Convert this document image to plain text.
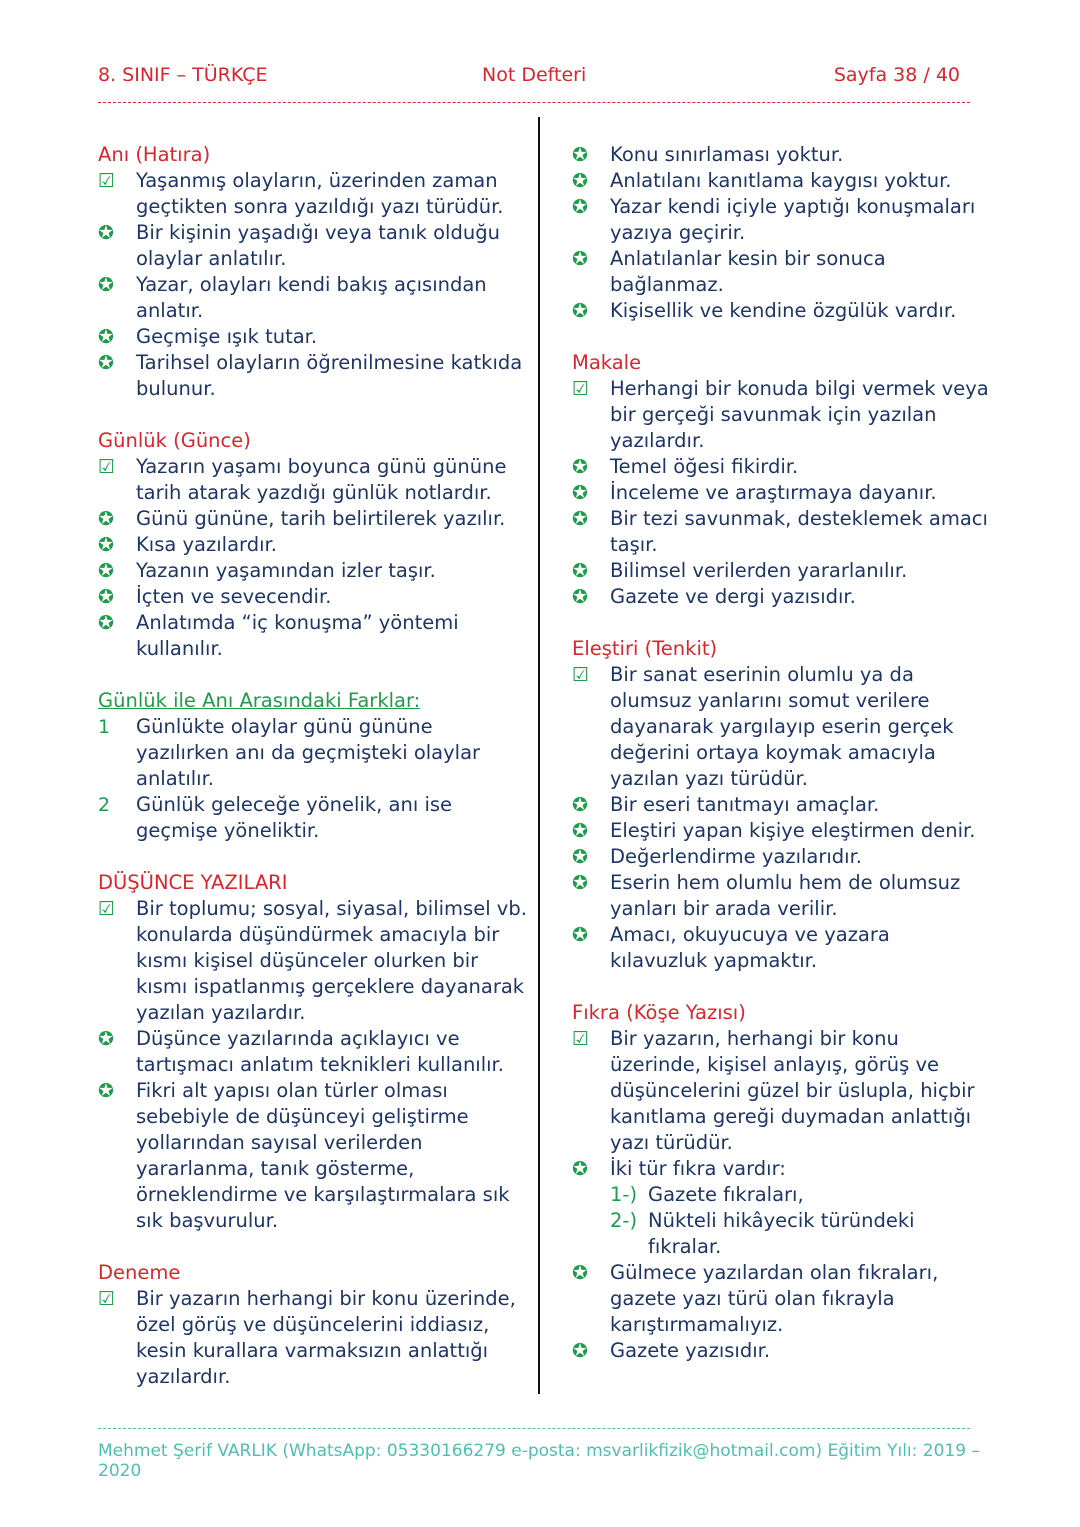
8. SINIF – TÜRKÇE	Not Defteri	Sayfa 38 / 40
Anı (Hatıra)
☑ Yaşanmış olayların, üzerinden zaman geçtikten sonra yazıldığı yazı türüdür.
✪	Bir kişinin yaşadığı veya tanık olduğu olaylar anlatılır.
✪	Yazar, olayları kendi bakış açısından anlatır.
✪	Geçmişe ışık tutar.
✪	Tarihsel olayların öğrenilmesine katkıda bulunur.
Günlük (Günce)
☑ Yazarın yaşamı boyunca günü gününe tarih atarak yazdığı günlük notlardır.
✪	Günü gününe, tarih belirtilerek yazılır.
✪	Kısa yazılardır.
✪	Yazanın yaşamından izler taşır.
✪	İçten ve sevecendir.
✪	Anlatımda “iç konuşma” yöntemi kullanılır.
Günlük ile Anı Arasındaki Farklar:
1	Günlükte olaylar günü gününe yazılırken anı da geçmişteki olaylar anlatılır.
2	Günlük geleceğe yönelik, anı ise geçmişe yöneliktir.
DÜŞÜNCE YAZILARI
☑ Bir toplumu; sosyal, siyasal, bilimsel vb. konularda düşündürmek amacıyla bir kısmı kişisel düşünceler olurken bir kısmı ispatlanmış gerçeklere dayanarak yazılan yazılardır.
✪	Düşünce yazılarında açıklayıcı ve tartışmacı anlatım teknikleri kullanılır.
✪	Fikri alt yapısı olan türler olması sebebiyle de düşünceyi geliştirme yollarından sayısal verilerden yararlanma, tanık gösterme, örneklendirme ve karşılaştırmalara sık sık başvurulur.
Deneme
☑ Bir yazarın herhangi bir konu üzerinde, özel görüş ve düşüncelerini iddiasız, kesin kurallara varmaksızın anlattığı yazılardır.
✪	Konu sınırlaması yoktur.
✪	Anlatılanı kanıtlama kaygısı yoktur.
✪	Yazar kendi içiyle yaptığı konuşmaları yazıya geçirir.
✪	Anlatılanlar kesin bir sonuca bağlanmaz.
✪	Kişisellik ve kendine özgülük vardır.
Makale
☑ Herhangi bir konuda bilgi vermek veya bir gerçeği savunmak için yazılan yazılardır.
✪	Temel öğesi fikirdir.
✪	İnceleme ve araştırmaya dayanır.
✪	Bir tezi savunmak, desteklemek amacı taşır.
✪	Bilimsel verilerden yararlanılır.
✪	Gazete ve dergi yazısıdır.
Eleştiri (Tenkit)
☑ Bir sanat eserinin olumlu ya da olumsuz yanlarını somut verilere dayanarak yargılayıp eserin gerçek değerini ortaya koymak amacıyla yazılan yazı türüdür.
✪	Bir eseri tanıtmayı amaçlar.
✪	Eleştiri yapan kişiye eleştirmen denir.
✪	Değerlendirme yazılarıdır.
✪	Eserin hem olumlu hem de olumsuz yanları bir arada verilir.
✪	Amacı, okuyucuya ve yazara kılavuzluk yapmaktır.
Fıkra (Köşe Yazısı)
☑ Bir yazarın, herhangi bir konu üzerinde, kişisel anlayış, görüş ve düşüncelerini güzel bir üslupla, hiçbir kanıtlama gereği duymadan anlattığı yazı türüdür.
✪	İki tür fıkra vardır:
1-) Gazete fıkraları,
2-) Nükteli hikâyecik türündeki fıkralar.
✪	Gülmece yazılardan olan fıkraları, gazete yazı türü olan fıkrayla karıştırmamalıyız.
✪	Gazete yazısıdır.
Mehmet Şerif VARLIK (WhatsApp: 05330166279 e-posta: msvarlikfizik@hotmail.com) Eğitim Yılı: 2019 – 2020
